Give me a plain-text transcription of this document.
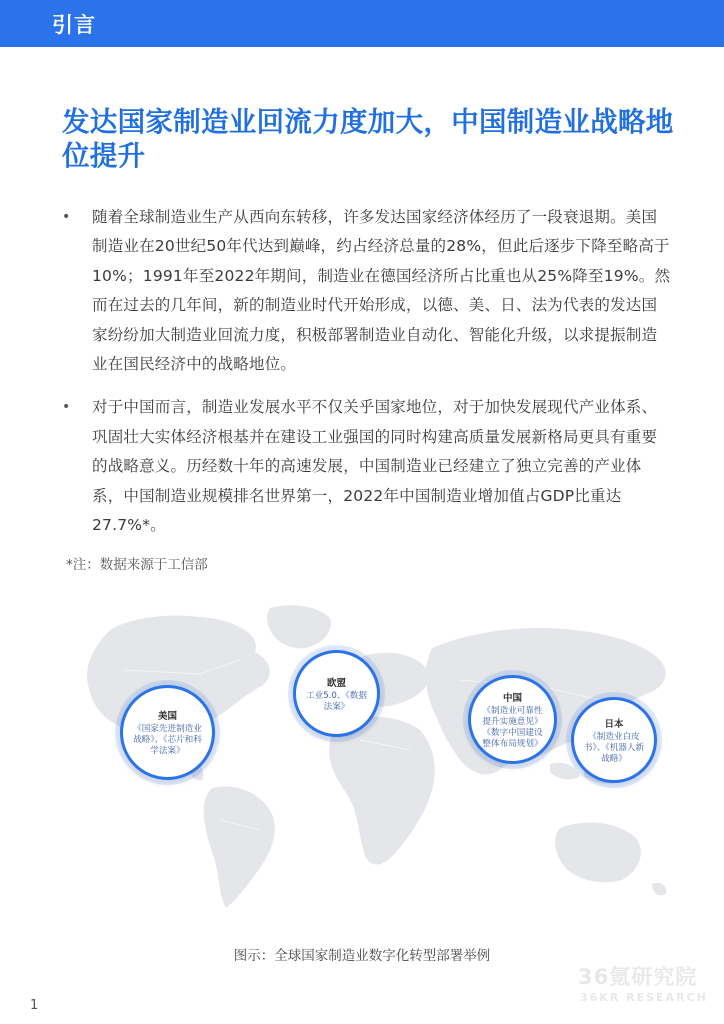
引言
发达国家制造业回流力度加大，中国制造业战略地位提升
• 随着全球制造业生产从西向东转移，许多发达国家经济体经历了一段衰退期。美国制造业在20世纪50年代达到巅峰，约占经济总量的28%，但此后逐步下降至略高于10%；1991年至2022年期间，制造业在德国经济所占比重也从25%降至19%。然而在过去的几年间，新的制造业时代开始形成，以德、美、日、法为代表的发达国家纷纷加大制造业回流力度，积极部署制造业自动化、智能化升级，以求提振制造业在国民经济中的战略地位。
• 对于中国而言，制造业发展水平不仅关乎国家地位，对于加快发展现代产业体系、巩固壮大实体经济根基并在建设工业强国的同时构建高质量发展新格局更具有重要的战略意义。历经数十年的高速发展，中国制造业已经建立了独立完善的产业体系，中国制造业规模排名世界第一，2022年中国制造业增加值占GDP比重达27.7%*。
*注：数据来源于工信部
美国
《国家先进制造业战略》、《芯片和科学法案》
欧盟
工业5.0、《数据法案》
中国
《制造业可靠性提升实施意见》《数字中国建设整体布局规划》
日本
《制造业白皮书》、《机器人新战略》
图示：全球国家制造业数字化转型部署举例
36氪研究院
36KR RESEARCH
1
